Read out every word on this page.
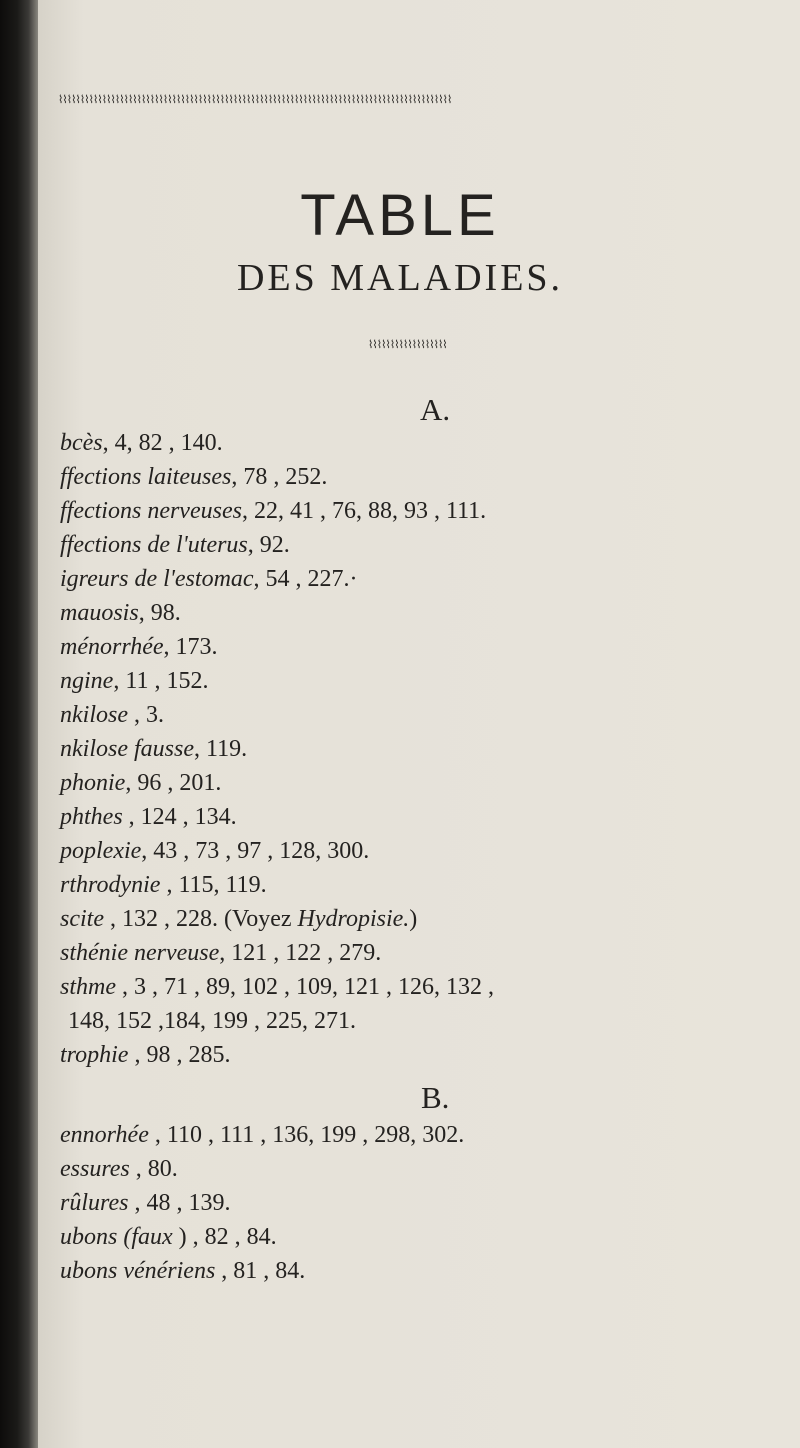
⌇⌇⌇⌇⌇⌇⌇⌇⌇⌇⌇⌇⌇⌇⌇⌇⌇⌇⌇⌇⌇⌇⌇⌇⌇⌇⌇⌇⌇⌇⌇⌇⌇⌇⌇⌇⌇⌇⌇⌇⌇⌇⌇⌇⌇⌇⌇⌇⌇⌇⌇⌇⌇⌇⌇⌇⌇⌇⌇⌇⌇⌇⌇⌇⌇⌇⌇⌇⌇⌇⌇⌇⌇⌇⌇⌇⌇⌇⌇⌇⌇⌇⌇⌇⌇⌇⌇⌇⌇⌇
TABLE
DES MALADIES.
⌇⌇⌇⌇⌇⌇⌇⌇⌇⌇⌇⌇⌇⌇⌇⌇⌇⌇
A.
bcès, 4, 82 , 140.
ffections laiteuses, 78 , 252.
ffections nerveuses, 22, 41 , 76, 88, 93 , 111.
ffections de l'uterus, 92.
igreurs de l'estomac, 54 , 227.·
mauosis, 98.
ménorrhée, 173.
ngine, 11 , 152.
nkilose , 3.
nkilose fausse, 119.
phonie, 96 , 201.
phthes , 124 , 134.
poplexie, 43 , 73 , 97 , 128, 300.
rthrodynie , 115, 119.
scite , 132 , 228. (Voyez Hydropisie.)
sthénie nerveuse, 121 , 122 , 279.
sthme , 3 , 71 , 89, 102 , 109, 121 , 126, 132 ,
148, 152 ,184, 199 , 225, 271.
trophie , 98 , 285.
B.
ennorhée , 110 , 111 , 136, 199 , 298, 302.
essures , 80.
rûlures , 48 , 139.
ubons (faux ) , 82 , 84.
ubons vénériens , 81 , 84.
